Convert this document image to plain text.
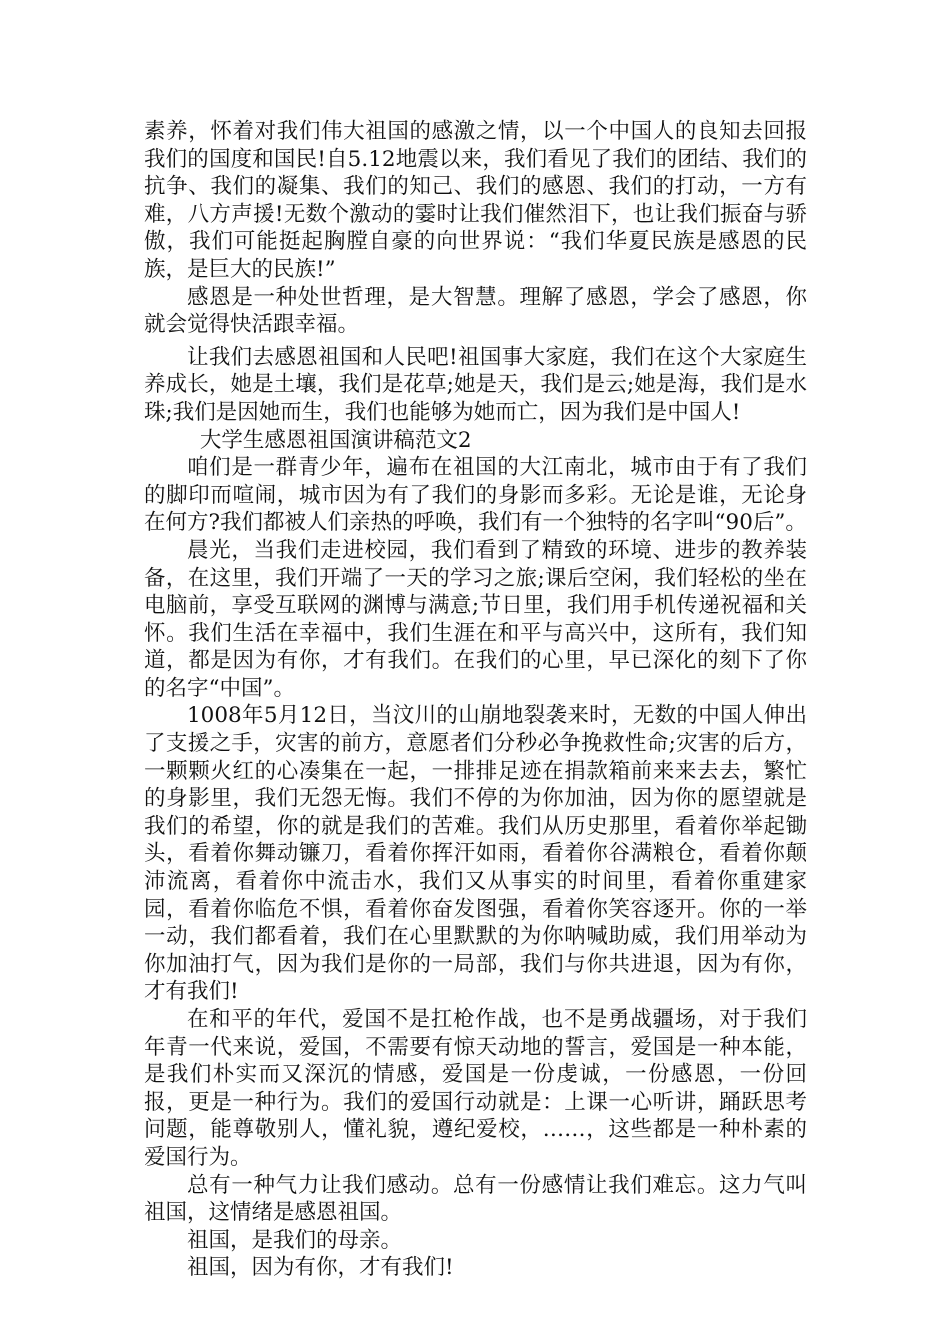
素养，怀着对我们伟大祖国的感激之情，以一个中国人的良知去回报我们的国度和国民!自5.12地震以来，我们看见了我们的团结、我们的抗争、我们的凝集、我们的知己、我们的感恩、我们的打动，一方有难，八方声援!无数个激动的霎时让我们催然泪下，也让我们振奋与骄傲，我们可能挺起胸膛自豪的向世界说：“我们华夏民族是感恩的民族，是巨大的民族!”

感恩是一种处世哲理，是大智慧。理解了感恩，学会了感恩，你就会觉得快活跟幸福。

让我们去感恩祖国和人民吧!祖国事大家庭，我们在这个大家庭生养成长，她是土壤，我们是花草;她是天，我们是云;她是海，我们是水珠;我们是因她而生，我们也能够为她而亡，因为我们是中国人!

大学生感恩祖国演讲稿范文2

咱们是一群青少年，遍布在祖国的大江南北，城市由于有了我们的脚印而喧闹，城市因为有了我们的身影而多彩。无论是谁，无论身在何方?我们都被人们亲热的呼唤，我们有一个独特的名字叫“90后”。

晨光，当我们走进校园，我们看到了精致的环境、进步的教养装备，在这里，我们开端了一天的学习之旅;课后空闲，我们轻松的坐在电脑前，享受互联网的渊博与满意;节日里，我们用手机传递祝福和关怀。我们生活在幸福中，我们生涯在和平与高兴中，这所有，我们知道，都是因为有你，才有我们。在我们的心里，早已深化的刻下了你的名字“中国”。

1008年5月12日，当汶川的山崩地裂袭来时，无数的中国人伸出了支援之手，灾害的前方，意愿者们分秒必争挽救性命;灾害的后方，一颗颗火红的心凑集在一起，一排排足迹在捐款箱前来来去去，繁忙的身影里，我们无怨无悔。我们不停的为你加油，因为你的愿望就是我们的希望，你的就是我们的苦难。我们从历史那里，看着你举起锄头，看着你舞动镰刀，看着你挥汗如雨，看着你谷满粮仓，看着你颠沛流离，看着你中流击水，我们又从事实的时间里，看着你重建家园，看着你临危不惧，看着你奋发图强，看着你笑容逐开。你的一举一动，我们都看着，我们在心里默默的为你呐喊助威，我们用举动为你加油打气，因为我们是你的一局部，我们与你共进退，因为有你，才有我们!

在和平的年代，爱国不是扛枪作战，也不是勇战疆场，对于我们年青一代来说，爱国，不需要有惊天动地的誓言，爱国是一种本能，是我们朴实而又深沉的情感，爱国是一份虔诚，一份感恩，一份回报，更是一种行为。我们的爱国行动就是：上课一心听讲，踊跃思考问题，能尊敬别人，懂礼貌，遵纪爱校，……，这些都是一种朴素的爱国行为。

总有一种气力让我们感动。总有一份感情让我们难忘。这力气叫祖国，这情绪是感恩祖国。

祖国，是我们的母亲。

祖国，因为有你，才有我们!
